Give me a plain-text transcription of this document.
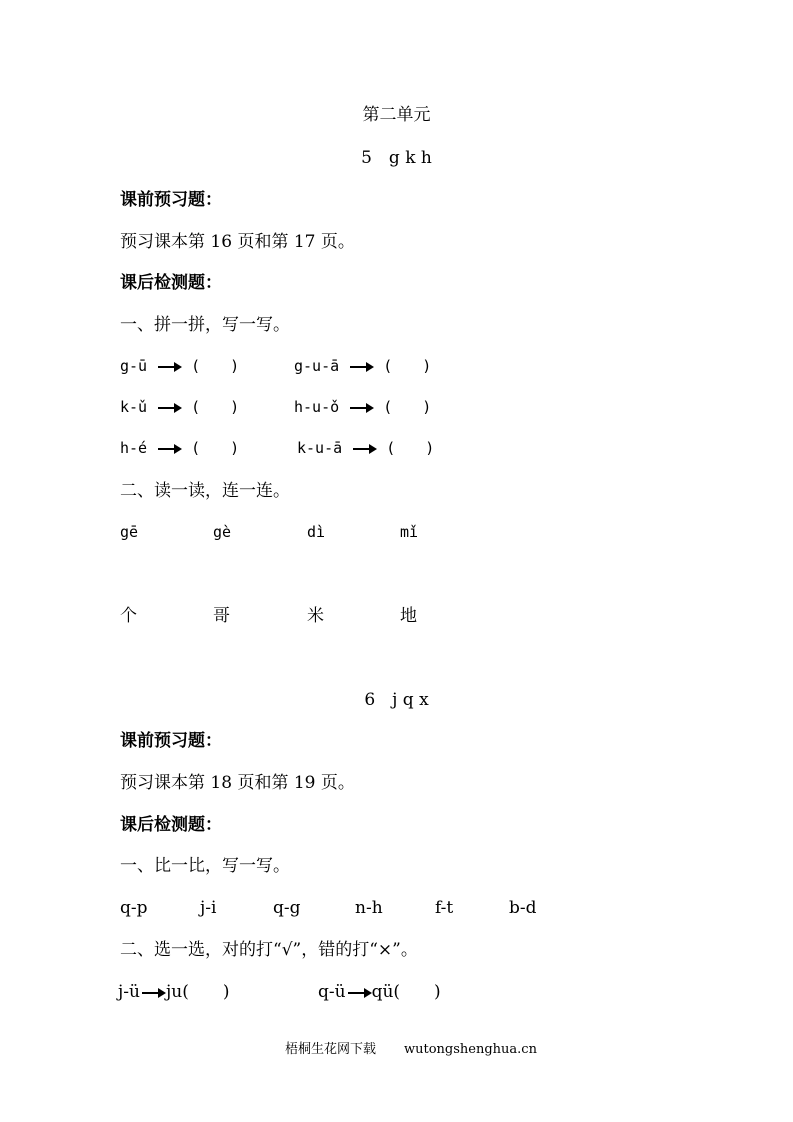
第二单元
5　g k h
课前预习题：
预习课本第 16 页和第 17 页。
课后检测题：
一、拼一拼，写一写。
g-ū	(　　)	g-u-ā	(　　)
k-ǔ	(　　)	h-u-ǒ	(　　)
h-é	(　　)	k-u-ā	(　　)
二、读一读，连一连。
gē	gè	dì	mǐ
个	哥	米	地
6　j q x
课前预习题：
预习课本第 18 页和第 19 页。
课后检测题：
一、比一比，写一写。
q-p	j-i	q-g	n-h	f-t	b-d
二、选一选，对的打“√”，错的打“×”。
j-ü ju(　　)	q-ü qü(　　)
梧桐生花网下载 wutongshenghua.cn
